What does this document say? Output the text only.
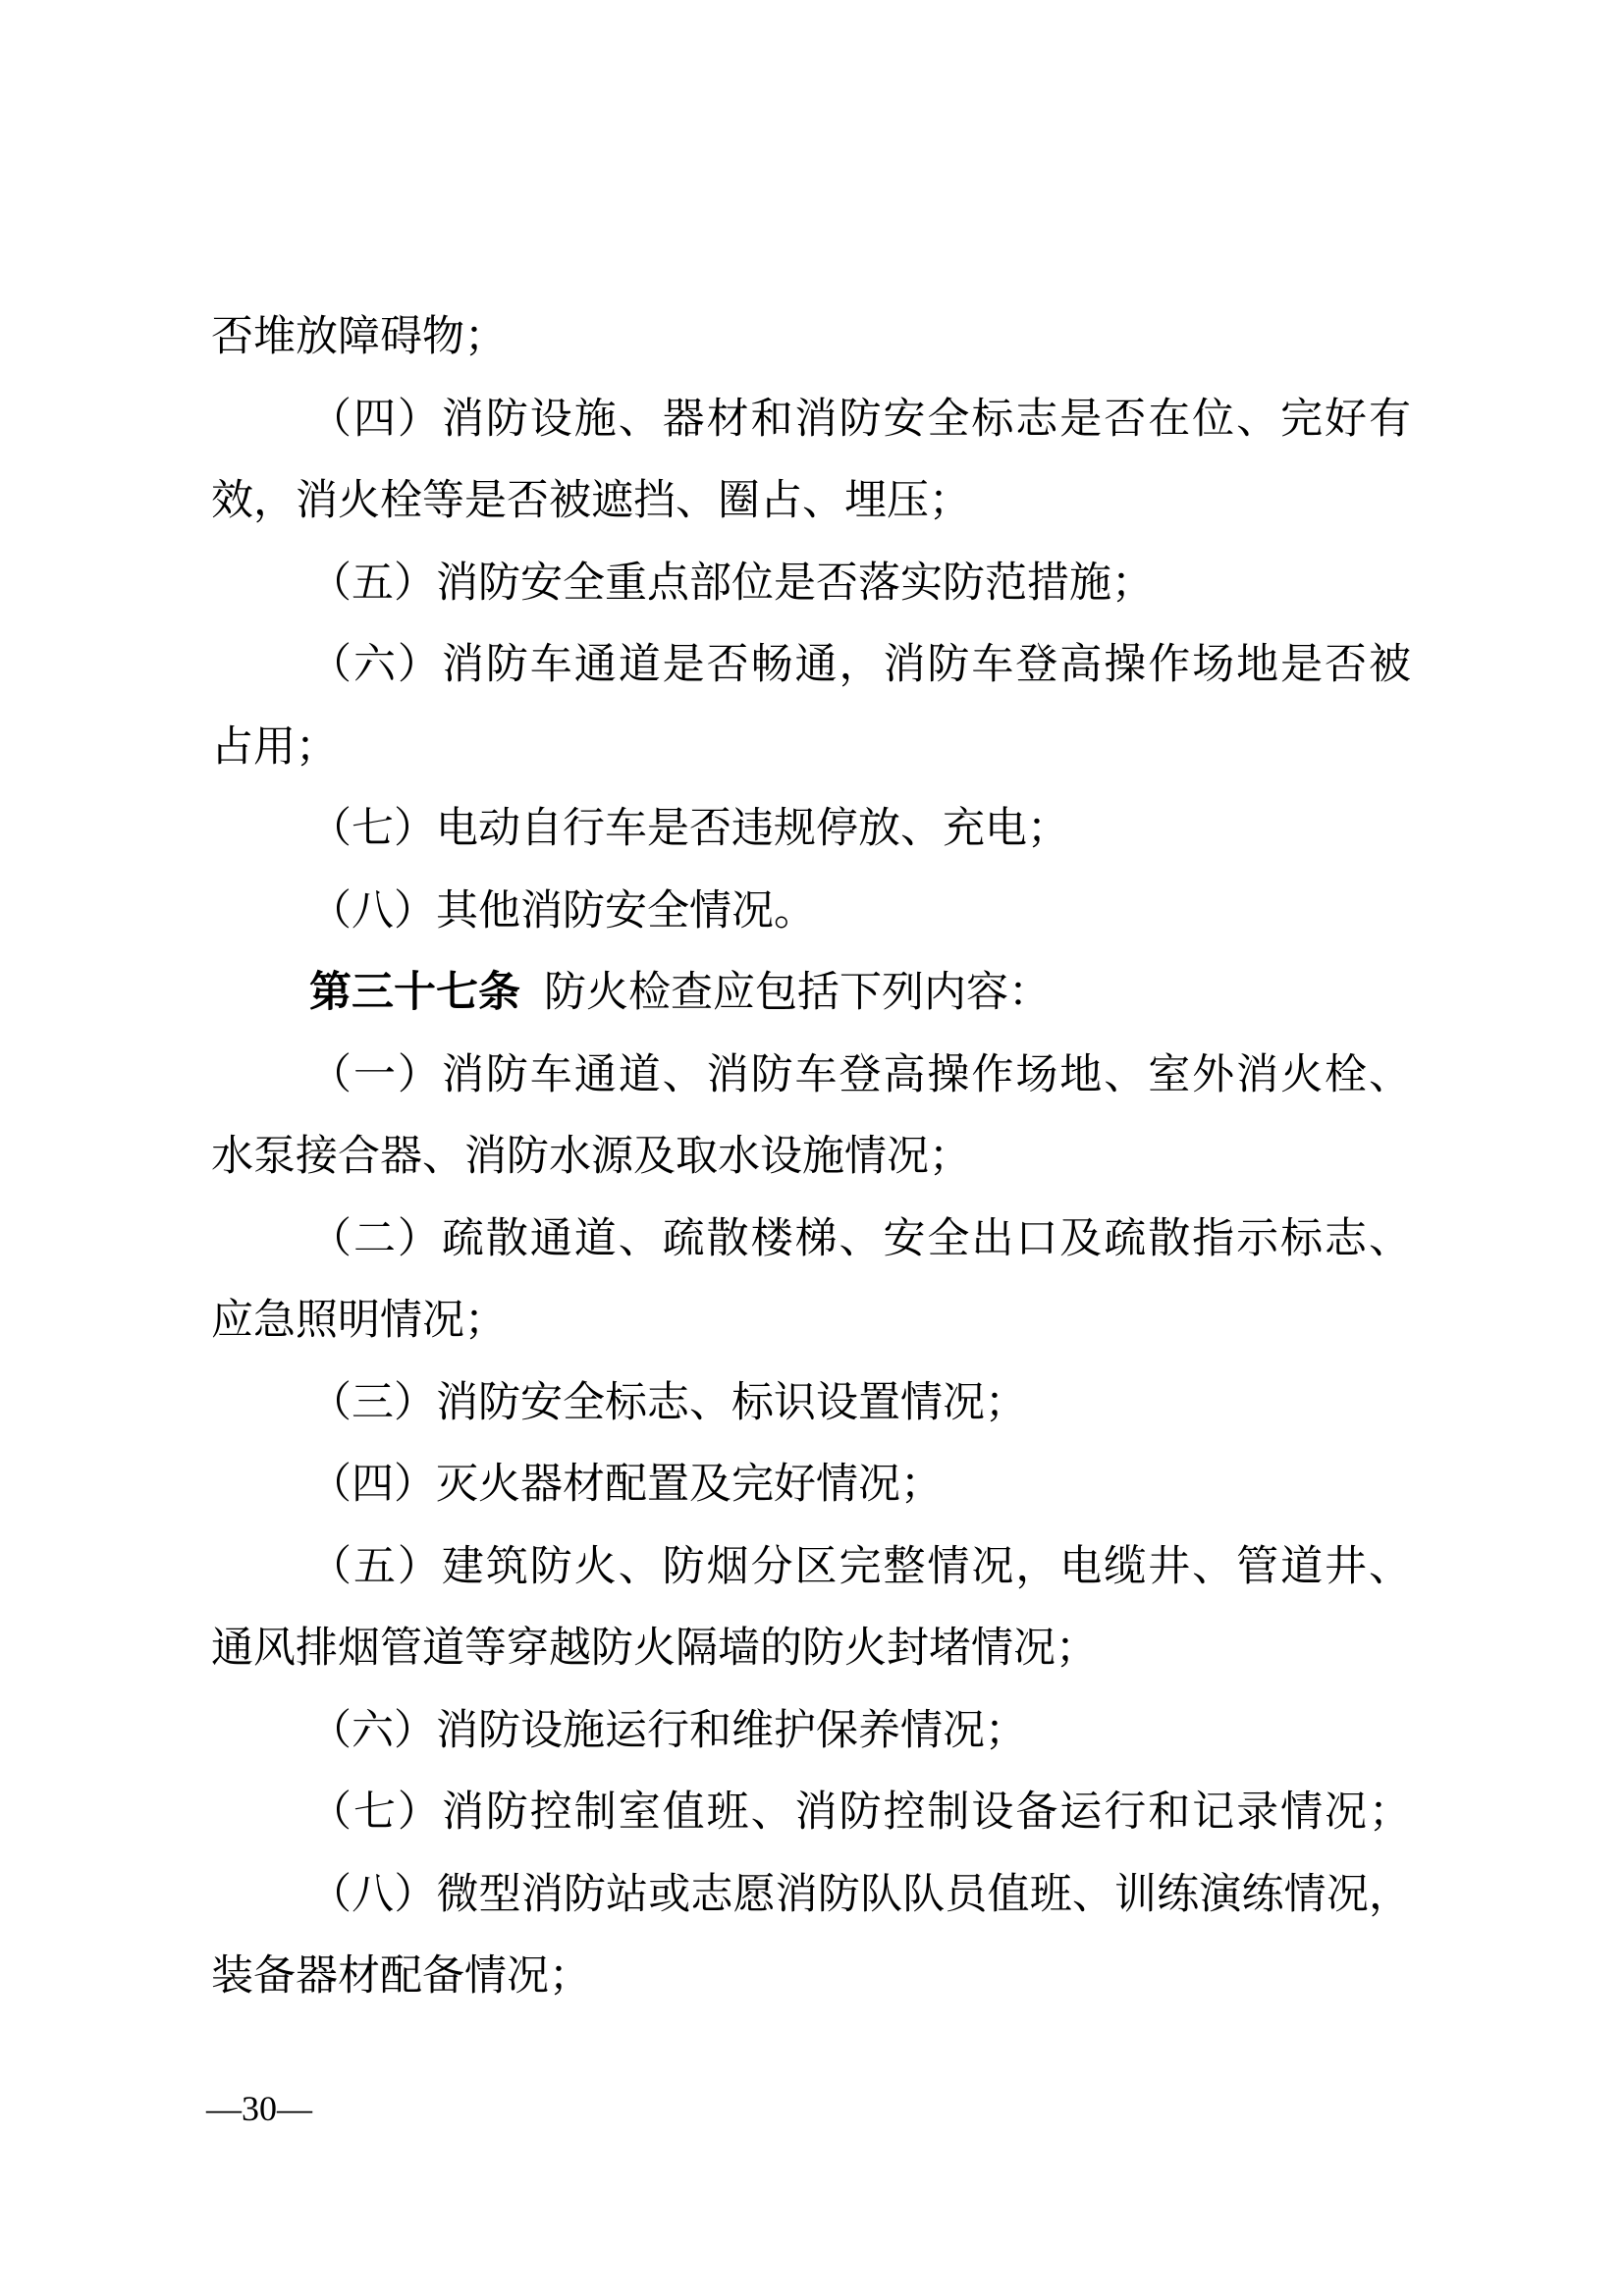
否堆放障碍物；
（四）消防设施、器材和消防安全标志是否在位、完好有
效，消火栓等是否被遮挡、圈占、埋压；
（五）消防安全重点部位是否落实防范措施；
（六）消防车通道是否畅通，消防车登高操作场地是否被
占用；
（七）电动自行车是否违规停放、充电；
（八）其他消防安全情况。
第三十七条 防火检查应包括下列内容：
（一）消防车通道、消防车登高操作场地、室外消火栓、
水泵接合器、消防水源及取水设施情况；
（二）疏散通道、疏散楼梯、安全出口及疏散指示标志、
应急照明情况；
（三）消防安全标志、标识设置情况；
（四）灭火器材配置及完好情况；
（五）建筑防火、防烟分区完整情况，电缆井、管道井、
通风排烟管道等穿越防火隔墙的防火封堵情况；
（六）消防设施运行和维护保养情况；
（七）消防控制室值班、消防控制设备运行和记录情况；
（八）微型消防站或志愿消防队队员值班、训练演练情况，
装备器材配备情况；
—30—
